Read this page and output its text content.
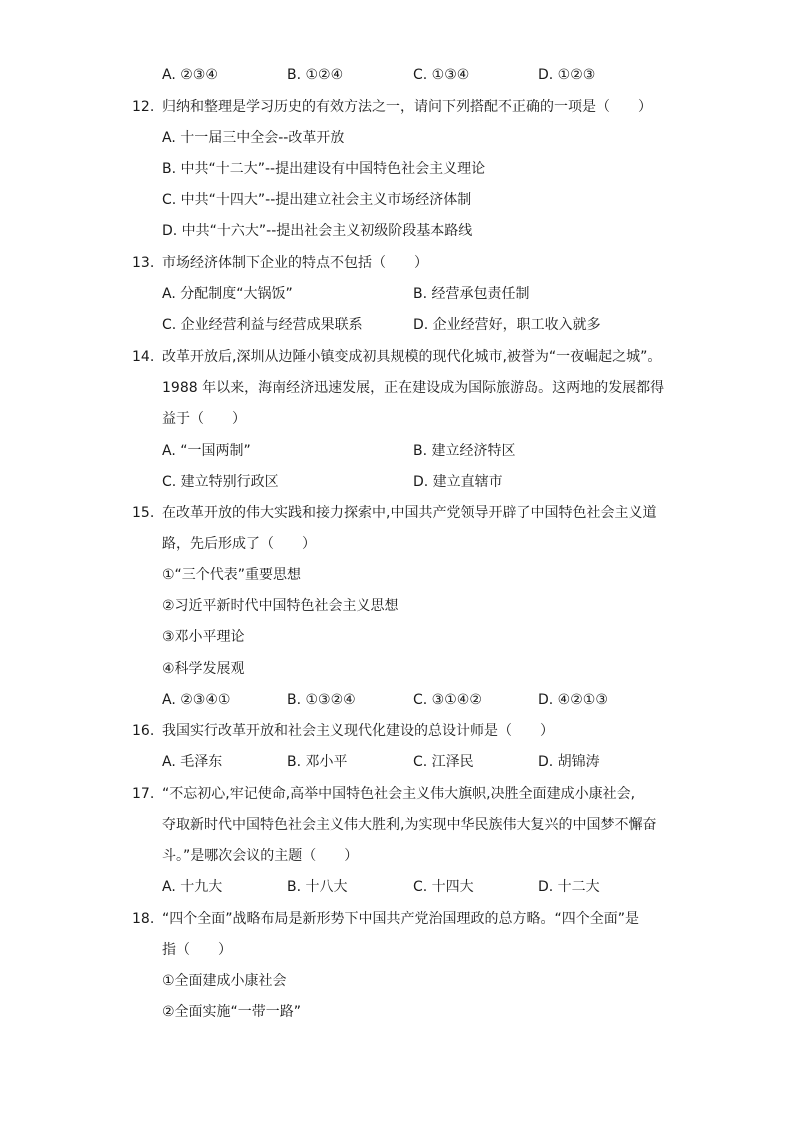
A. ②③④	B. ①②④	C. ①③④	D. ①②③
12. 归纳和整理是学习历史的有效方法之一，请问下列搭配不正确的一项是（　　）
A. 十一届三中全会--改革开放
B. 中共“十二大”--提出建设有中国特色社会主义理论
C. 中共“十四大”--提出建立社会主义市场经济体制
D. 中共“十六大”--提出社会主义初级阶段基本路线
13. 市场经济体制下企业的特点不包括（　　）
A. 分配制度“大锅饭”	B. 经营承包责任制
C. 企业经营利益与经营成果联系	D. 企业经营好，职工收入就多
14. 改革开放后,深圳从边陲小镇变成初具规模的现代化城市,被誉为“一夜崛起之城”。
1988 年以来，海南经济迅速发展，正在建设成为国际旅游岛。这两地的发展都得
益于（　　）
A. “一国两制”	B. 建立经济特区
C. 建立特别行政区	D. 建立直辖市
15. 在改革开放的伟大实践和接力探索中,中国共产党领导开辟了中国特色社会主义道
路，先后形成了（　　）
①“三个代表”重要思想
②习近平新时代中国特色社会主义思想
③邓小平理论
④科学发展观
A. ②③④①	B. ①③②④	C. ③①④②	D. ④②①③
16. 我国实行改革开放和社会主义现代化建设的总设计师是（　　）
A. 毛泽东	B. 邓小平	C. 江泽民	D. 胡锦涛
17. “不忘初心,牢记使命,高举中国特色社会主义伟大旗帜,决胜全面建成小康社会,
夺取新时代中国特色社会主义伟大胜利,为实现中华民族伟大复兴的中国梦不懈奋
斗。”是哪次会议的主题（　　）
A. 十九大	B. 十八大	C. 十四大	D. 十二大
18. “四个全面”战略布局是新形势下中国共产党治国理政的总方略。“四个全面”是
指（　　）
①全面建成小康社会
②全面实施“一带一路”
